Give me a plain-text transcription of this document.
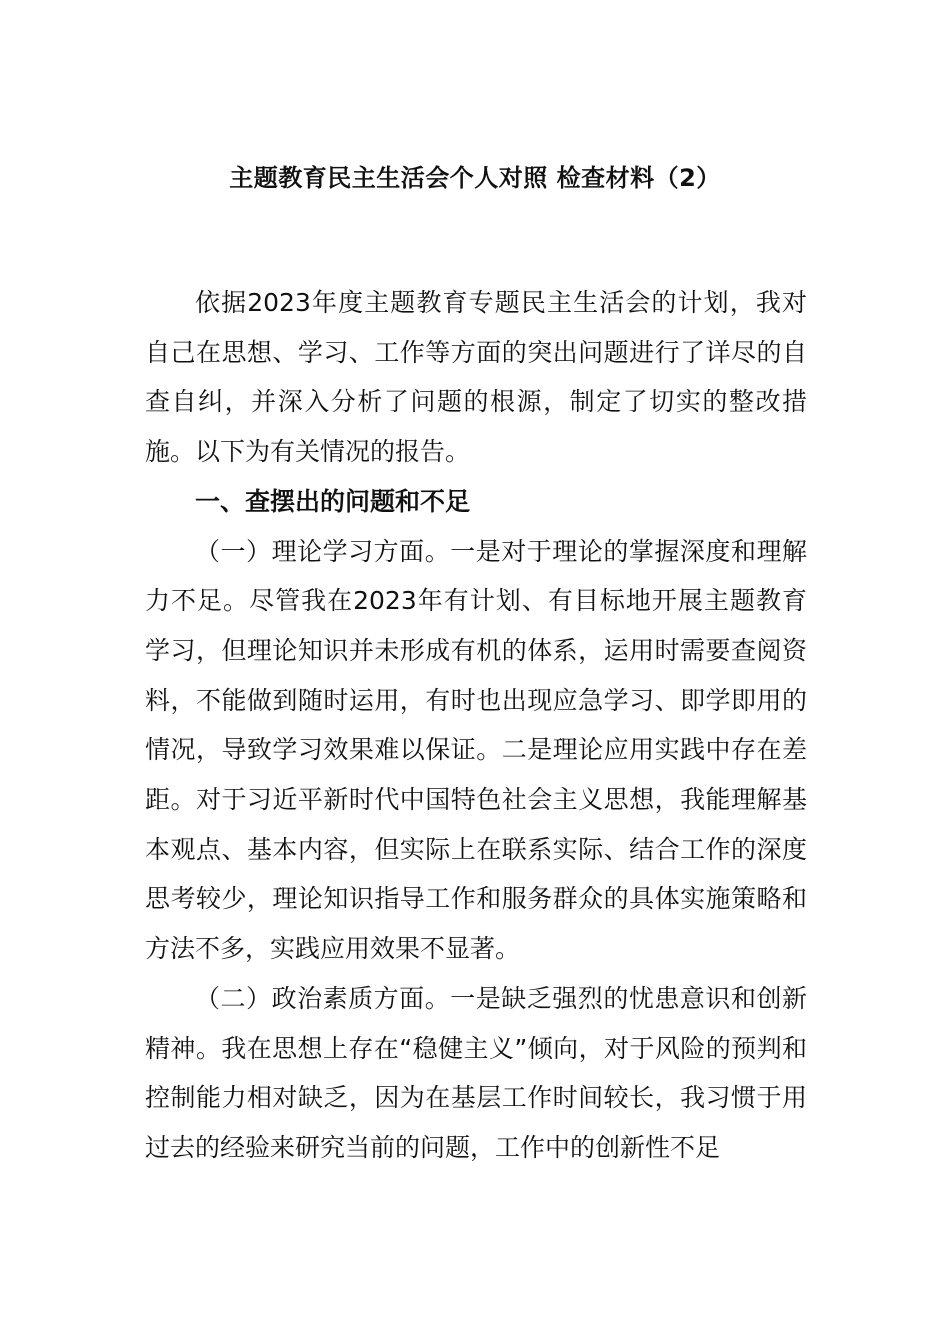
主题教育民主生活会个人对照 检查材料（2）

依据2023年度主题教育专题民主生活会的计划，我对自己在思想、学习、工作等方面的突出问题进行了详尽的自查自纠，并深入分析了问题的根源，制定了切实的整改措施。以下为有关情况的报告。

一、查摆出的问题和不足

（一）理论学习方面。一是对于理论的掌握深度和理解力不足。尽管我在2023年有计划、有目标地开展主题教育学习，但理论知识并未形成有机的体系，运用时需要查阅资料，不能做到随时运用，有时也出现应急学习、即学即用的情况，导致学习效果难以保证。二是理论应用实践中存在差距。对于习近平新时代中国特色社会主义思想，我能理解基本观点、基本内容，但实际上在联系实际、结合工作的深度思考较少，理论知识指导工作和服务群众的具体实施策略和方法不多，实践应用效果不显著。

（二）政治素质方面。一是缺乏强烈的忧患意识和创新精神。我在思想上存在“稳健主义”倾向，对于风险的预判和控制能力相对缺乏，因为在基层工作时间较长，我习惯于用过去的经验来研究当前的问题，工作中的创新性不足
